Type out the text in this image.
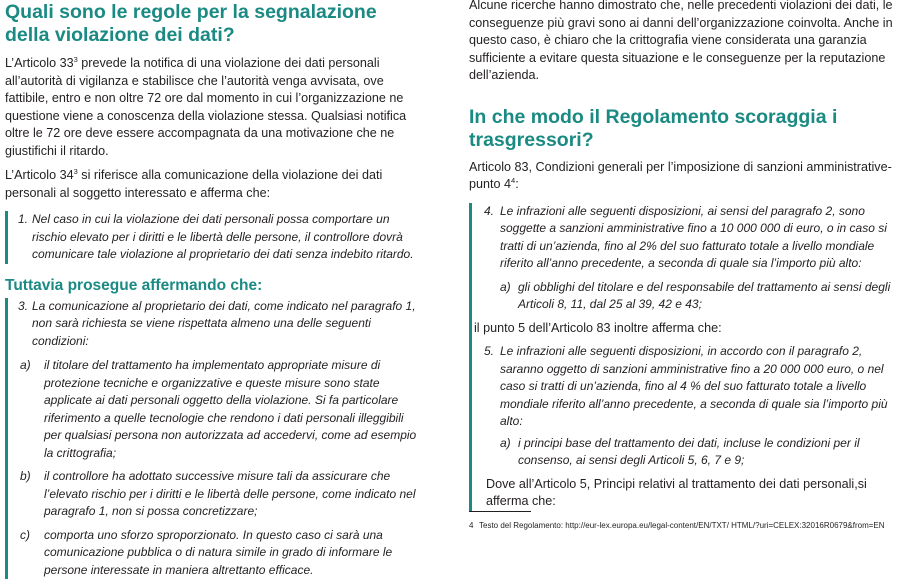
Quali sono le regole per la segnalazione della violazione dei dati?

L’Articolo $33^3$ prevede la notifica di una violazione dei dati personali all’autorità di vigilanza e stabilisce che l’autorità venga avvisata, ove fattibile, entro e non oltre 72 ore dal momento in cui l’organizzazione ne questione viene a conoscenza della violazione stessa. Qualsiasi notifica oltre le 72 ore deve essere accompagnata da una motivazione che ne giustifichi il ritardo.

L’Articolo $34^3$ si riferisce alla comunicazione della violazione dei dati personali al soggetto interessato e afferma che:

1. Nel caso in cui la violazione dei dati personali possa comportare un rischio elevato per i diritti e le libertà delle persone, il controllore dovrà comunicare tale violazione al proprietario dei dati senza indebito ritardo.
Tuttavia prosegue affermando che:
3. La comunicazione al proprietario dei dati, come indicato nel paragrafo 1, non sarà richiesta se viene rispettata almeno una delle seguenti condizioni:
a)	il titolare del trattamento ha implementato appropriate misure di protezione tecniche e organizzative e queste misure sono state applicate ai dati personali oggetto della violazione. Si fa particolare riferimento a quelle tecnologie che rendono i dati personali illeggibili per qualsiasi persona non autorizzata ad accedervi, come ad esempio la crittografia;
b)	il controllore ha adottato successive misure tali da assicurare che l’elevato rischio per i diritti e le libertà delle persone, come indicato nel paragrafo 1, non si possa concretizzare;
c)	comporta uno sforzo sproporzionato. In questo caso ci sarà una comunicazione pubblica o di natura simile in grado di informare le persone interessate in maniera altrettanto efficace.

Alcune ricerche hanno dimostrato che, nelle precedenti violazioni dei dati, le conseguenze più gravi sono ai danni dell’organizzazione coinvolta. Anche in questo caso, è chiaro che la crittografia viene considerata una garanzia sufficiente a evitare questa situazione e le conseguenze per la reputazione dell’azienda.

In che modo il Regolamento scoraggia i trasgressori?

Articolo 83, Condizioni generali per l’imposizione di sanzioni amministrative-punto $4^4$:

4. Le infrazioni alle seguenti disposizioni, ai sensi del paragrafo 2, sono soggette a sanzioni amministrative fino a 10 000 000 di euro, o in caso si tratti di un’azienda, fino al 2% del suo fatturato totale a livello mondiale riferito all’anno precedente, a seconda di quale sia l’importo più alto:
a) gli obblighi del titolare e del responsabile del trattamento ai sensi degli Articoli 8, 11, dal 25 al 39, 42 e 43;

il punto 5 dell’Articolo 83 inoltre afferma che:

5. Le infrazioni alle seguenti disposizioni, in accordo con il paragrafo 2, saranno oggetto di sanzioni amministrative fino a 20 000 000 euro, o nel caso si tratti di un’azienda, fino al 4 % del suo fatturato totale a livello mondiale riferito all’anno precedente, a seconda di quale sia l’importo più alto:
a) i principi base del trattamento dei dati, incluse le condizioni per il consenso, ai sensi degli Articoli 5, 6, 7 e 9;

Dove all’Articolo 5, Principi relativi al trattamento dei dati personali,si afferma che:

4 Testo del Regolamento: http://eur-lex.europa.eu/legal-content/EN/TXT/ HTML/?uri=CELEX:32016R0679&from=EN
